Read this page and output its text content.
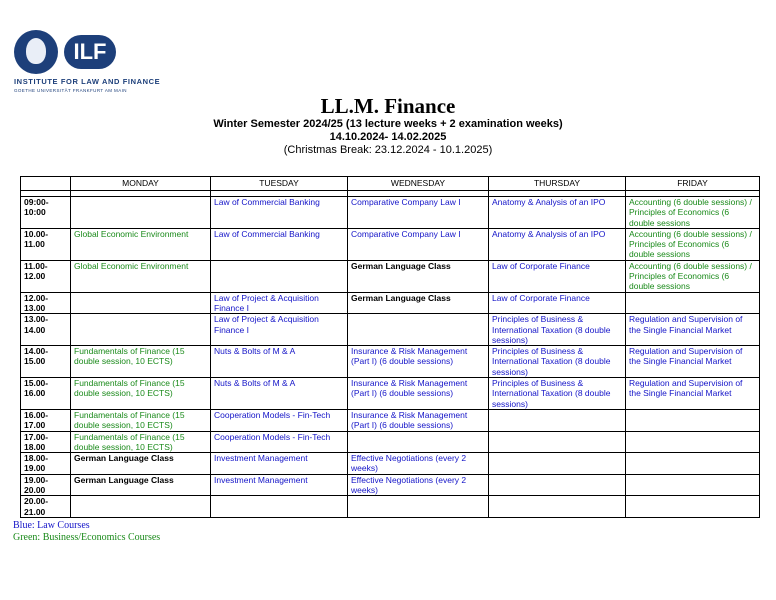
ILF
INSTITUTE FOR LAW AND FINANCE
GOETHE UNIVERSITÄT FRANKFURT AM MAIN
LL.M. Finance
Winter Semester 2024/25 (13 lecture weeks + 2 examination weeks)
14.10.2024- 14.02.2025
(Christmas Break: 23.12.2024 - 10.1.2025)
	MONDAY	TUESDAY	WEDNESDAY	THURSDAY	FRIDAY

09:00-
10:00		Law of Commercial Banking	Comparative Company Law I	Anatomy & Analysis of an IPO	Accounting (6 double sessions) / Principles of Economics (6 double sessions
10.00-
11.00	Global Economic Environment	Law of Commercial Banking	Comparative Company Law I	Anatomy & Analysis of an IPO	Accounting (6 double sessions) / Principles of Economics (6 double sessions
11.00-
12.00	Global Economic Environment		German Language Class	Law of Corporate Finance	Accounting (6 double sessions) / Principles of Economics (6 double sessions
12.00-
13.00		Law of Project & Acquisition Finance I	German Language Class	Law of Corporate Finance	
13.00-
14.00		Law of Project & Acquisition Finance I		Principles of Business & International Taxation (8 double sessions)	Regulation and Supervision of the Single Financial Market
14.00-
15.00	Fundamentals of Finance (15 double session, 10 ECTS)	Nuts & Bolts of M & A	Insurance & Risk Management (Part I) (6 double sessions)	Principles of Business & International Taxation (8 double sessions)	Regulation and Supervision of the Single Financial Market
15.00-
16.00	Fundamentals of Finance (15 double session, 10 ECTS)	Nuts & Bolts of M & A	Insurance & Risk Management (Part I) (6 double sessions)	Principles of Business & International Taxation (8 double sessions)	Regulation and Supervision of the Single Financial Market
16.00-
17.00	Fundamentals of Finance (15 double session, 10 ECTS)	Cooperation Models - Fin-Tech	Insurance & Risk Management (Part I) (6 double sessions)		
17.00-
18.00	Fundamentals of Finance (15 double session, 10 ECTS)	Cooperation Models - Fin-Tech			
18.00-
19.00	German Language Class	Investment Management	Effective Negotiations (every 2 weeks)		
19.00-
20.00	German Language Class	Investment Management	Effective Negotiations (every 2 weeks)		
20.00-
21.00					
Blue: Law Courses
Green: Business/Economics Courses
